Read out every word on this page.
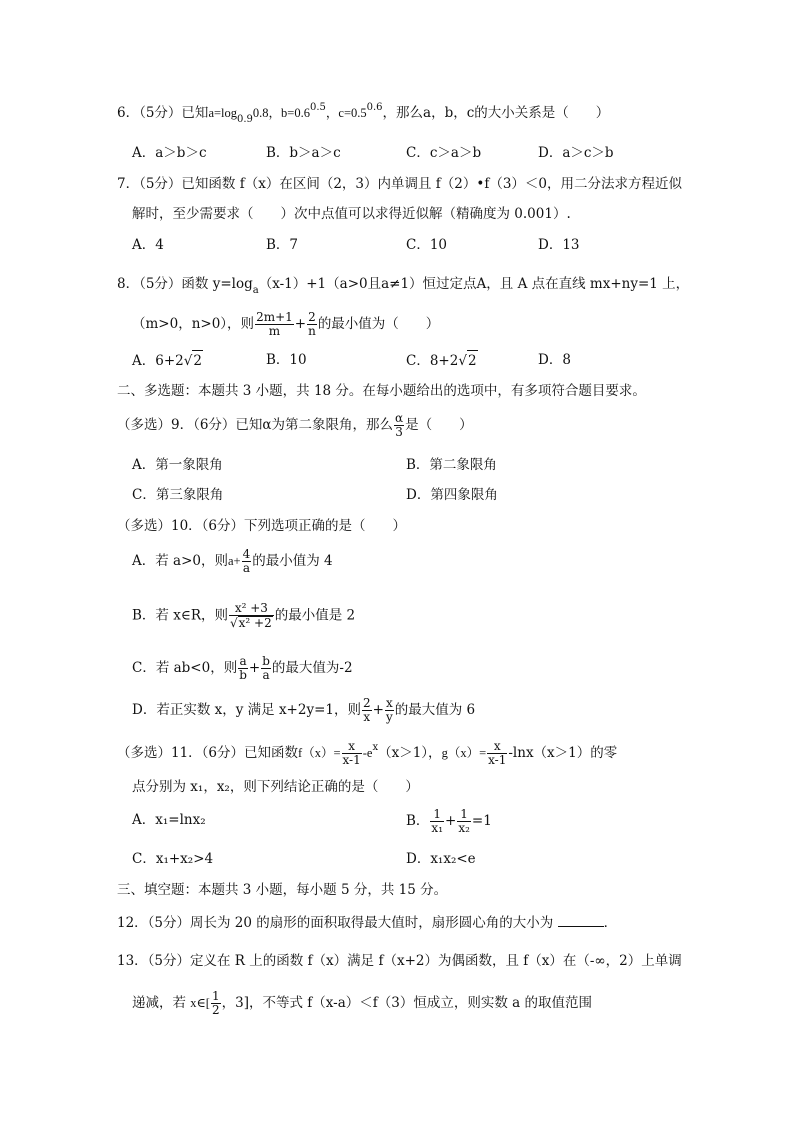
6．（5分）已知$a=\log_{0.9}0.8$，$b=0.6^{0.5}$，$c=0.5^{0.6}$，那么a，b，c的大小关系是（　　）
A．a＞b＞c	B．b＞a＞c	C．c＞a＞b	D．a＞c＞b
7．（5分）已知函数 f（x）在区间（2，3）内单调且 f（2）•f（3）＜0，用二分法求方程近似
解时，至少需要求（　　）次中点值可以求得近似解（精确度为 0.001）.
A．4	B．7	C．10	D．13
8．（5分）函数 $y=\log_a(x-1)+1(a>0$且a≠1）恒过定点A，且 A 点在直线 mx+ny=1 上，
（m>0，n>0），则 $\frac{2m+1}{m} + \frac{2}{n}$ 的最小值为（　　）
A．6+2√2	B．10	C．8+2√2	D．8
二、多选题：本题共 3 小题，共 18 分。在每小题给出的选项中，有多项符合题目要求。
（多选）9．（6分）已知α为第二象限角，那么 $\frac{\alpha}{3}$ 是（　　）
A．第一象限角	B．第二象限角
C．第三象限角	D．第四象限角
（多选）10．（6分）下列选项正确的是（　　）
A．若 a>0，则$a+ \frac{4}{a}$ 的最小值为 4
B．若 x∈R，则 $\frac{\text{x² +3}}{\text{√x² +2}}$ 的最小值是 2
C．若 ab<0，则 $\frac{a}{b} + \frac{b}{a}$ 的最大值为-2
D．若正实数 x，y 满足 x+2y=1，则 $\frac{2}{x} + \frac{x}{y}$ 的最大值为 6
（多选）11．（6分）已知函数$f(x)= \frac{x}{x-1} -e^x(x>1)$，$g(x)= \frac{x}{x-1} -\ln x(x>1)$的零
点分别为 x₁，x₂，则下列结论正确的是（　　）
A．x₁=lnx₂	B． $\frac{1}{\text{x₁}} + \frac{1}{\text{x₂}} =1$
C．x₁+x₂>4	D．x₁x₂<e
三、填空题：本题共 3 小题，每小题 5 分，共 15 分。
12．（5分）周长为 20 的扇形的面积取得最大值时，扇形圆心角的大小为	．
13．（5分）定义在 R 上的函数 f（x）满足 f（x+2）为偶函数，且 f（x）在（-∞，2）上单调
递减，若 x∈[ $\frac{1}{2}$ ，3]，不等式 f（x-a）＜f（3）恒成立，则实数 a 的取值范围
